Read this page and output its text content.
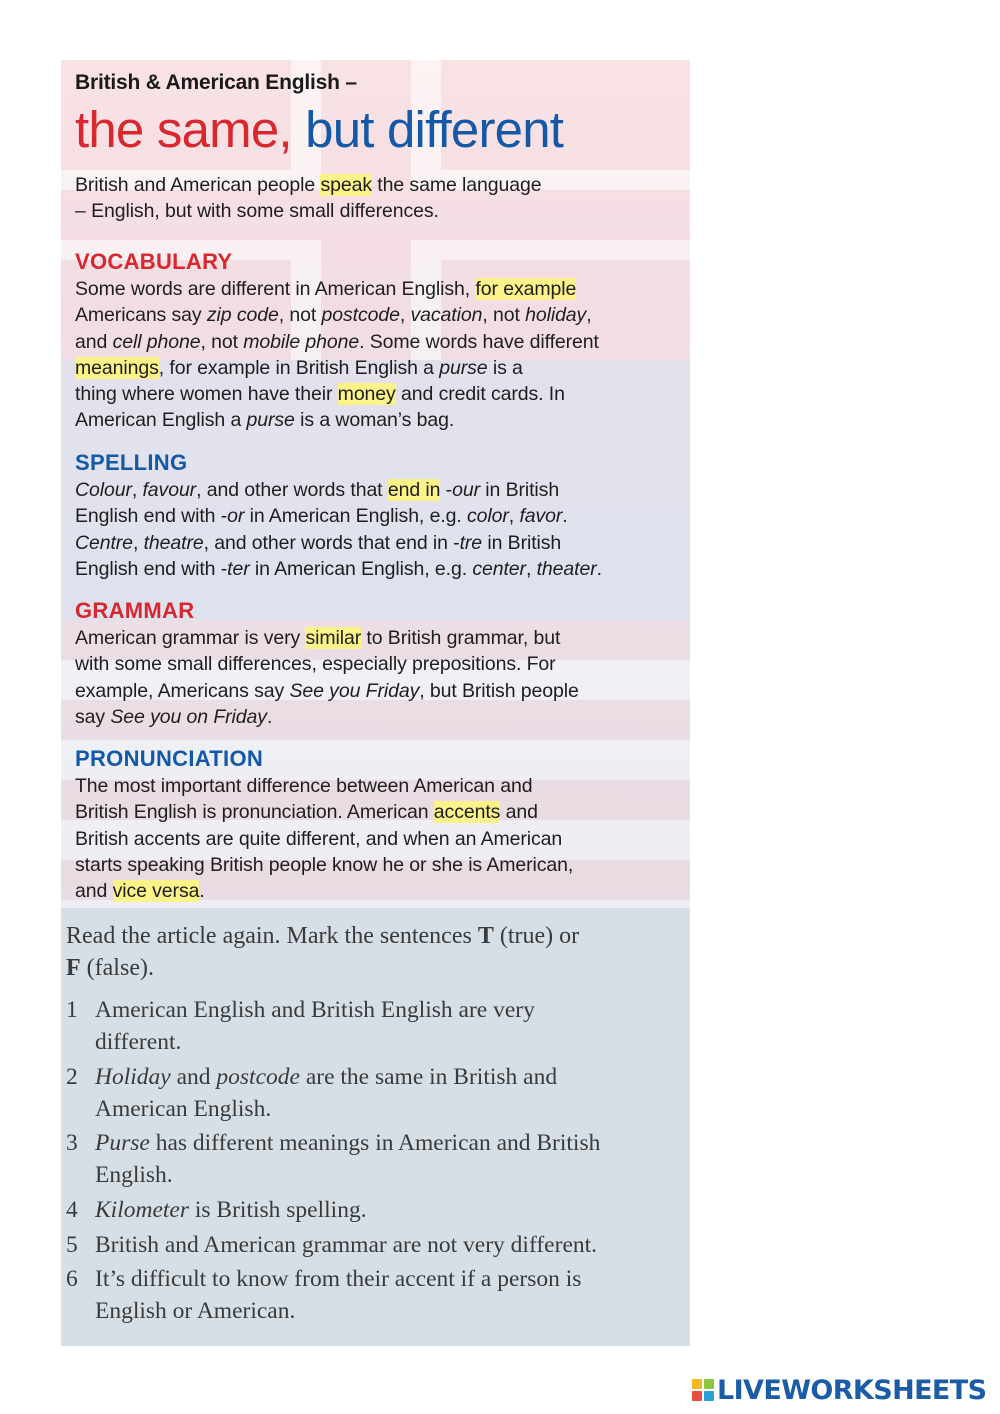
British & American English –
the same, but different
British and American people speak the same language
– English, but with some small differences.
VOCABULARY
Some words are different in American English, for example
Americans say zip code, not postcode, vacation, not holiday,
and cell phone, not mobile phone. Some words have different
meanings, for example in British English a purse is a
thing where women have their money and credit cards. In
American English a purse is a woman’s bag.
SPELLING
Colour, favour, and other words that end in -our in British
English end with -or in American English, e.g. color, favor.
Centre, theatre, and other words that end in -tre in British
English end with -ter in American English, e.g. center, theater.
GRAMMAR
American grammar is very similar to British grammar, but
with some small differences, especially prepositions. For
example, Americans say See you Friday, but British people
say See you on Friday.
PRONUNCIATION
The most important difference between American and
British English is pronunciation. American accents and
British accents are quite different, and when an American
starts speaking British people know he or she is American,
and vice versa.
Read the article again. Mark the sentences T (true) or
F (false).
1 American English and British English are very
different.
2 Holiday and postcode are the same in British and
American English.
3 Purse has different meanings in American and British
English.
4 Kilometer is British spelling.
5 British and American grammar are not very different.
6 It’s difficult to know from their accent if a person is
English or American.
LIVEWORKSHEETS
